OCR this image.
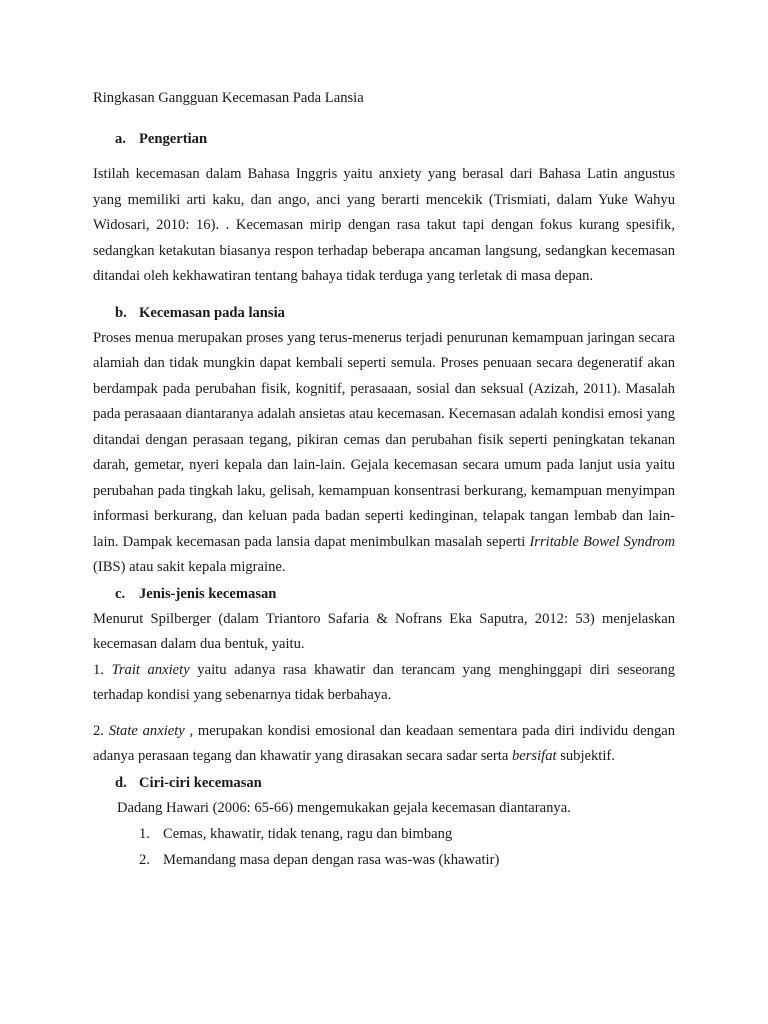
Ringkasan Gangguan Kecemasan Pada Lansia
a. Pengertian

Istilah kecemasan dalam Bahasa Inggris yaitu anxiety yang berasal dari Bahasa Latin angustus yang memiliki arti kaku, dan ango, anci yang berarti mencekik (Trismiati, dalam Yuke Wahyu Widosari, 2010: 16). . Kecemasan mirip dengan rasa takut tapi dengan fokus kurang spesifik, sedangkan ketakutan biasanya respon terhadap beberapa ancaman langsung, sedangkan kecemasan ditandai oleh kekhawatiran tentang bahaya tidak terduga yang terletak di masa depan.

b. Kecemasan pada lansia

Proses menua merupakan proses yang terus-menerus terjadi penurunan kemampuan jaringan secara alamiah dan tidak mungkin dapat kembali seperti semula. Proses penuaan secara degeneratif akan berdampak pada perubahan fisik, kognitif, perasaaan, sosial dan seksual (Azizah, 2011). Masalah pada perasaaan diantaranya adalah ansietas atau kecemasan. Kecemasan adalah kondisi emosi yang ditandai dengan perasaan tegang, pikiran cemas dan perubahan fisik seperti peningkatan tekanan darah, gemetar, nyeri kepala dan lain-lain. Gejala kecemasan secara umum pada lanjut usia yaitu perubahan pada tingkah laku, gelisah, kemampuan konsentrasi berkurang, kemampuan menyimpan informasi berkurang, dan keluan pada badan seperti kedinginan, telapak tangan lembab dan lain-lain. Dampak kecemasan pada lansia dapat menimbulkan masalah seperti Irritable Bowel Syndrom (IBS) atau sakit kepala migraine.

c. Jenis-jenis kecemasan

Menurut Spilberger (dalam Triantoro Safaria & Nofrans Eka Saputra, 2012: 53) menjelaskan kecemasan dalam dua bentuk, yaitu.

1. Trait anxiety yaitu adanya rasa khawatir dan terancam yang menghinggapi diri seseorang terhadap kondisi yang sebenarnya tidak berbahaya.

2. State anxiety , merupakan kondisi emosional dan keadaan sementara pada diri individu dengan adanya perasaan tegang dan khawatir yang dirasakan secara sadar serta bersifat subjektif.

d. Ciri-ciri kecemasan

Dadang Hawari (2006: 65-66) mengemukakan gejala kecemasan diantaranya.

1. Cemas, khawatir, tidak tenang, ragu dan bimbang
2. Memandang masa depan dengan rasa was-was (khawatir)
